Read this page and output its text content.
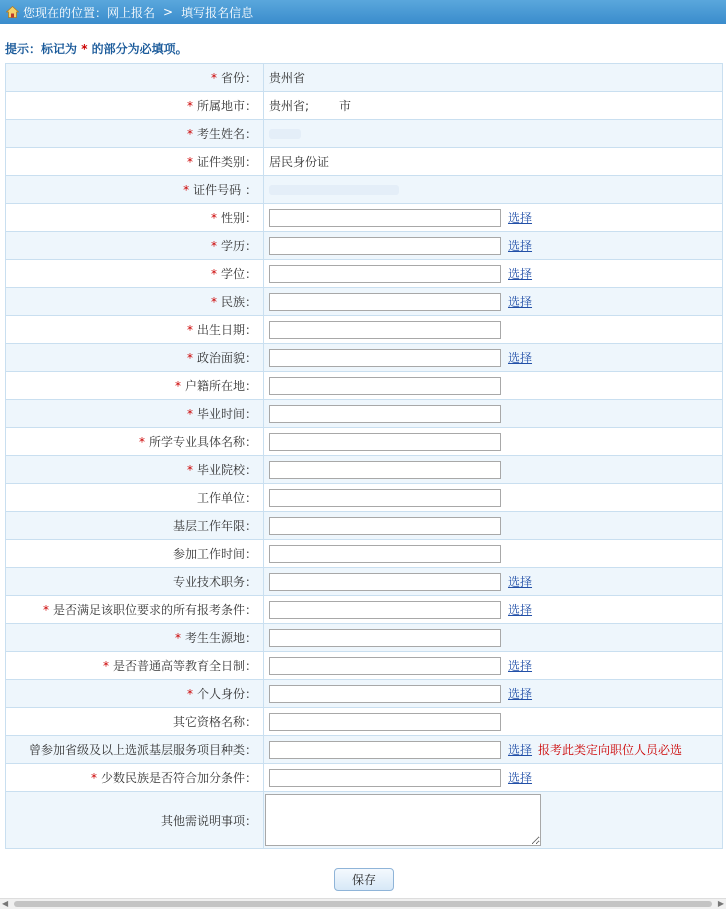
您现在的位置：网上报名 > 填写报名信息
提示：标记为 * 的部分为必填项。
* 省份：	贵州省
* 所属地市：	贵州省; 市
* 考生姓名：	
* 证件类别：	居民身份证
* 证件号码 ：	
* 性别：	选择
* 学历：	选择
* 学位：	选择
* 民族：	选择
* 出生日期：	
* 政治面貌：	选择
* 户籍所在地：	
* 毕业时间：	
* 所学专业具体名称：	
* 毕业院校：	
工作单位：	
基层工作年限：	
参加工作时间：	
专业技术职务：	选择
* 是否满足该职位要求的所有报考条件：	选择
* 考生生源地：	
* 是否普通高等教育全日制：	选择
* 个人身份：	选择
其它资格名称：	
曾参加省级及以上选派基层服务项目种类：	选择 报考此类定向职位人员必选
* 少数民族是否符合加分条件：	选择
其他需说明事项：	
保存
◀	▶
